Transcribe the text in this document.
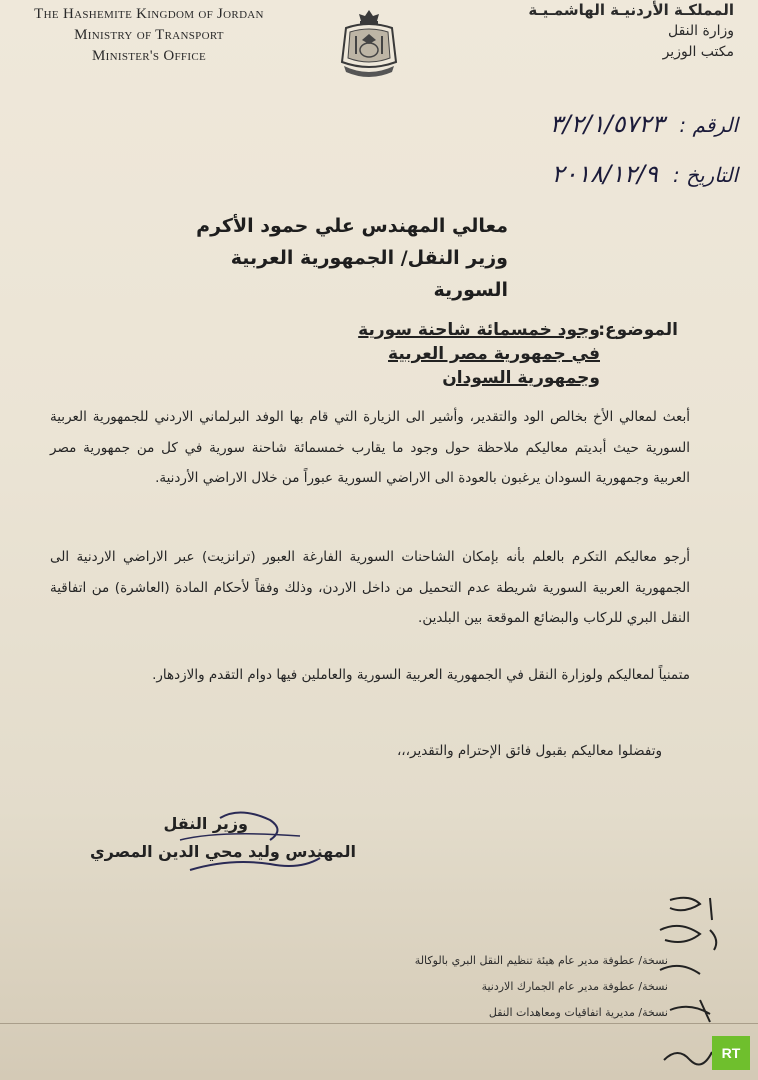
The Hashemite Kingdom of Jordan
Ministry of Transport
Minister's Office
المملكـة الأردنيـة الهاشمـيـة
وزارة النقل
مكتب الوزير
الرقم : ٣/٢/١/٥٧٢٣
التاريخ : ٢٠١٨/١٢/٩
معالي المهندس علي حمود الأكرم
وزير النقل/ الجمهورية العربية السورية
الموضوع:وجود خمسمائة شاحنة سورية في جمهورية مصر العربية وجمهورية السودان
أبعث لمعالي الأخ بخالص الود والتقدير، وأشير الى الزيارة التي قام بها الوفد البرلماني الاردني للجمهورية العربية السورية حيث أبديتم معاليكم ملاحظة حول وجود ما يقارب خمسمائة شاحنة سورية في كل من جمهورية مصر العربية وجمهورية السودان يرغبون بالعودة الى الاراضي السورية عبوراً من خلال الاراضي الأردنية.
أرجو معاليكم التكرم بالعلم بأنه بإمكان الشاحنات السورية الفارغة العبور (ترانزيت) عبر الاراضي الاردنية الى الجمهورية العربية السورية شريطة عدم التحميل من داخل الاردن، وذلك وفقاً لأحكام المادة (العاشرة) من اتفاقية النقل البري للركاب والبضائع الموقعة بين البلدين.
متمنياً لمعاليكم ولوزارة النقل في الجمهورية العربية السورية والعاملين فيها دوام التقدم والازدهار.
وتفضلوا معاليكم بقبول فائق الإحترام والتقدير،،،
وزير النقل
المهندس وليد محي الدين المصري
نسخة/ عطوفة مدير عام هيئة تنظيم النقل البري بالوكالة
نسخة/ عطوفة مدير عام الجمارك الاردنية
نسخة/ مديرية اتفاقيات ومعاهدات النقل
RT
